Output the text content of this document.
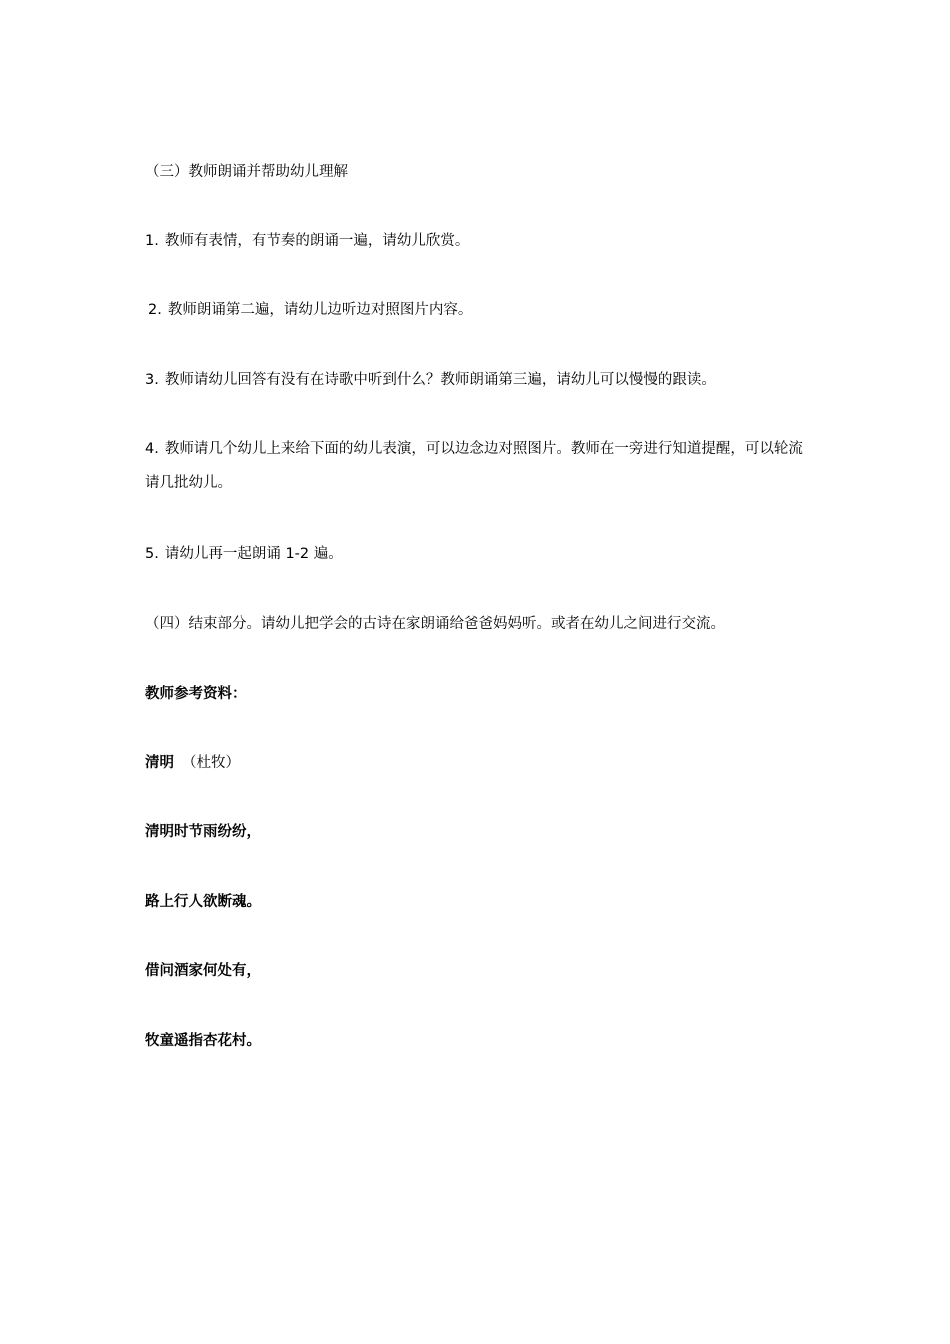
（三）教师朗诵并帮助幼儿理解
1. 教师有表情，有节奏的朗诵一遍，请幼儿欣赏。
2. 教师朗诵第二遍，请幼儿边听边对照图片内容。
3. 教师请幼儿回答有没有在诗歌中听到什么？教师朗诵第三遍，请幼儿可以慢慢的跟读。
4. 教师请几个幼儿上来给下面的幼儿表演，可以边念边对照图片。教师在一旁进行知道提醒，可以轮流请几批幼儿。
5. 请幼儿再一起朗诵 1-2 遍。
（四）结束部分。请幼儿把学会的古诗在家朗诵给爸爸妈妈听。或者在幼儿之间进行交流。
教师参考资料：
清明 （杜牧）
清明时节雨纷纷，
路上行人欲断魂。
借问酒家何处有，
牧童遥指杏花村。
